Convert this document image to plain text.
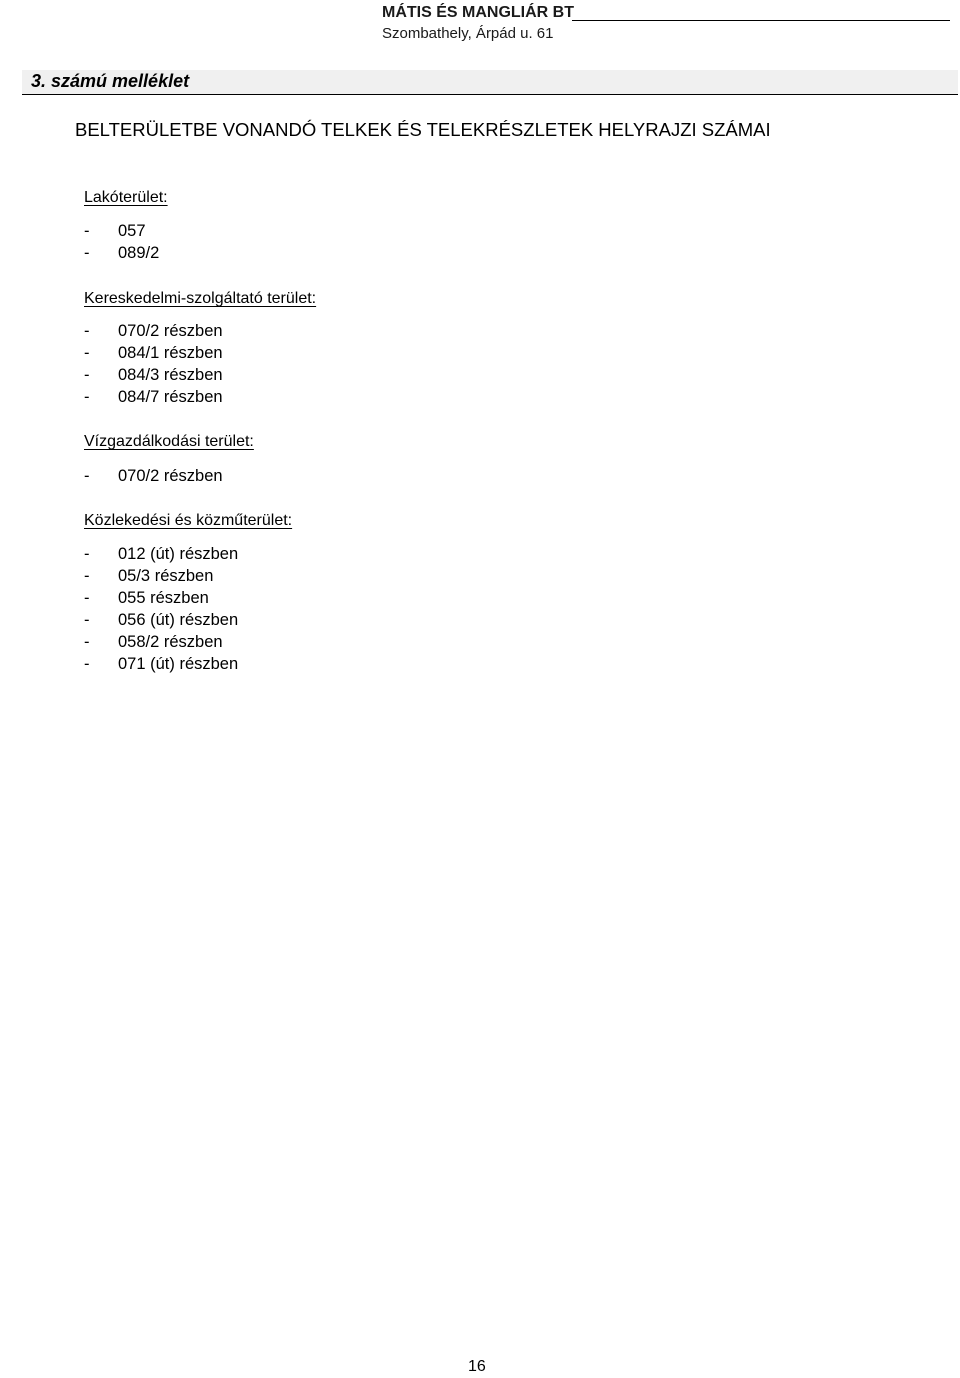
MÁTIS ÉS MANGLIÁR BT
Szombathely, Árpád u. 61
3. számú melléklet
BELTERÜLETBE VONANDÓ TELKEK ÉS TELEKRÉSZLETEK HELYRAJZI SZÁMAI
Lakóterület:
-	057
-	089/2
Kereskedelmi-szolgáltató terület:
-	070/2 részben
-	084/1 részben
-	084/3 részben
-	084/7 részben
Vízgazdálkodási terület:
-	070/2 részben
Közlekedési és közműterület:
-	012 (út) részben
-	05/3 részben
-	055 részben
-	056 (út) részben
-	058/2 részben
-	071 (út) részben
16
